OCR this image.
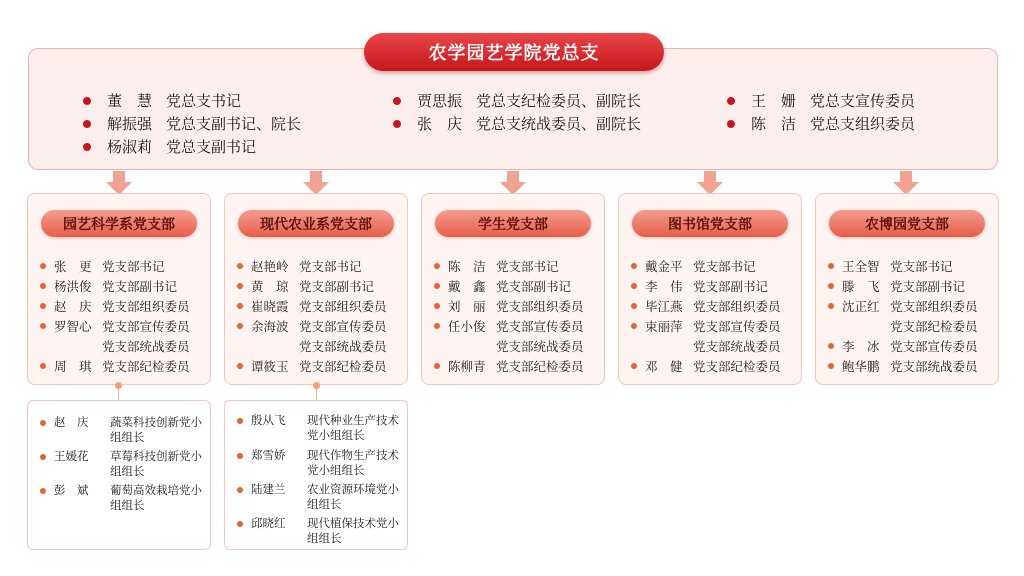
董　慧 党总支书记
解振强 党总支副书记、院长
杨淑莉 党总支副书记
贾思振 党总支纪检委员、副院长
张　庆 党总支统战委员、副院长
王　姗 党总支宣传委员
陈　洁 党总支组织委员
农学园艺学院党总支
园艺科学系党支部
张　更 党支部书记
杨洪俊 党支部副书记
赵　庆 党支部组织委员
罗智心 党支部宣传委员
党支部统战委员
周　琪 党支部纪检委员
现代农业系党支部
赵艳岭 党支部书记
黄　琼 党支部副书记
崔晓霞 党支部组织委员
余海波 党支部宣传委员
党支部统战委员
谭筱玉 党支部纪检委员
学生党支部
陈　洁 党支部书记
戴　鑫 党支部副书记
刘　丽 党支部组织委员
任小俊 党支部宣传委员
党支部统战委员
陈柳青 党支部纪检委员
图书馆党支部
戴金平 党支部书记
李　伟 党支部副书记
毕江燕 党支部组织委员
束丽萍 党支部宣传委员
党支部统战委员
邓　健 党支部纪检委员
农博园党支部
王全智 党支部书记
滕　飞 党支部副书记
沈正红 党支部组织委员
党支部纪检委员
李　冰 党支部宣传委员
鲍华鹏 党支部统战委员
赵　庆	蔬菜科技创新党小组组长
王媛花	草莓科技创新党小组组长
彭　斌	葡萄高效栽培党小组组长
殷从飞	现代种业生产技术党小组组长
郑雪娇	现代作物生产技术党小组组长
陆建兰	农业资源环境党小组组长
邱晓红	现代植保技术党小组组长
